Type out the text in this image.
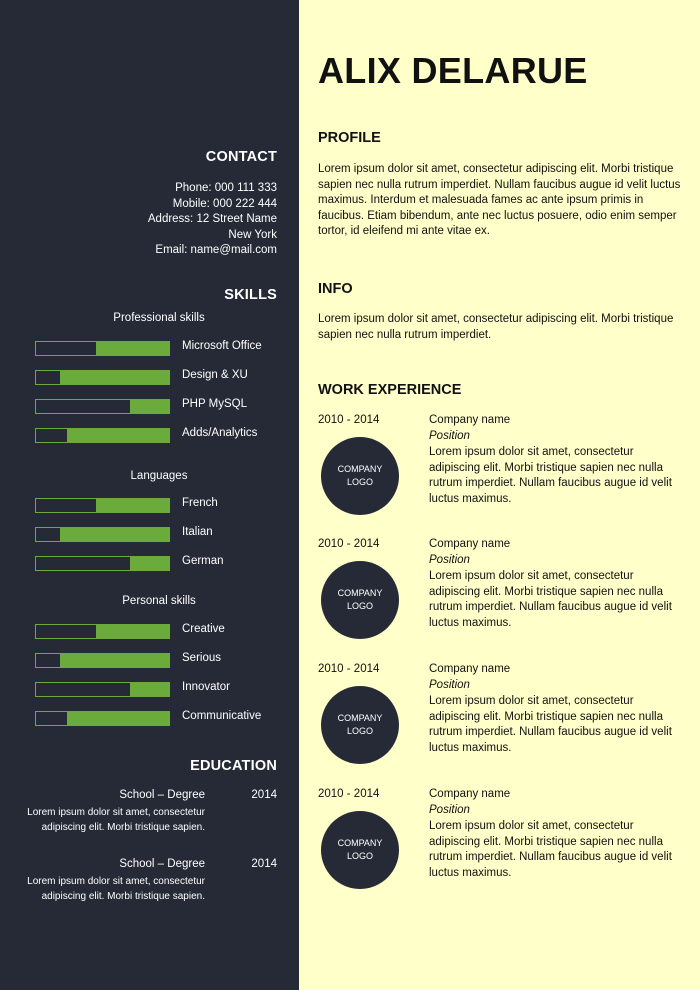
CONTACT
Phone: 000 111 333
Mobile: 000 222 444
Address: 12 Street Name
New York
Email: name@mail.com
SKILLS
Professional skills
Microsoft Office
Design & XU
PHP MySQL
Adds/Analytics
Languages
French
Italian
German
Personal skills
Creative
Serious
Innovator
Communicative
EDUCATION
School – Degree	2014
Lorem ipsum dolor sit amet, consectetur adipiscing elit. Morbi tristique sapien.
School – Degree	2014
Lorem ipsum dolor sit amet, consectetur adipiscing elit. Morbi tristique sapien.
ALIX DELARUE
PROFILE
Lorem ipsum dolor sit amet, consectetur adipiscing elit. Morbi tristique sapien nec nulla rutrum imperdiet. Nullam faucibus augue id velit luctus maximus. Interdum et malesuada fames ac ante ipsum primis in faucibus. Etiam bibendum, ante nec luctus posuere, odio enim semper tortor, id eleifend mi ante vitae ex.
INFO
Lorem ipsum dolor sit amet, consectetur adipiscing elit. Morbi tristique sapien nec nulla rutrum imperdiet.
WORK EXPERIENCE
2010 - 2014
COMPANY LOGO
Company name
Position
Lorem ipsum dolor sit amet, consectetur adipiscing elit. Morbi tristique sapien nec nulla rutrum imperdiet. Nullam faucibus augue id velit luctus maximus.
2010 - 2014
COMPANY LOGO
Company name
Position
Lorem ipsum dolor sit amet, consectetur adipiscing elit. Morbi tristique sapien nec nulla rutrum imperdiet. Nullam faucibus augue id velit luctus maximus.
2010 - 2014
COMPANY LOGO
Company name
Position
Lorem ipsum dolor sit amet, consectetur adipiscing elit. Morbi tristique sapien nec nulla rutrum imperdiet. Nullam faucibus augue id velit luctus maximus.
2010 - 2014
COMPANY LOGO
Company name
Position
Lorem ipsum dolor sit amet, consectetur adipiscing elit. Morbi tristique sapien nec nulla rutrum imperdiet. Nullam faucibus augue id velit luctus maximus.
